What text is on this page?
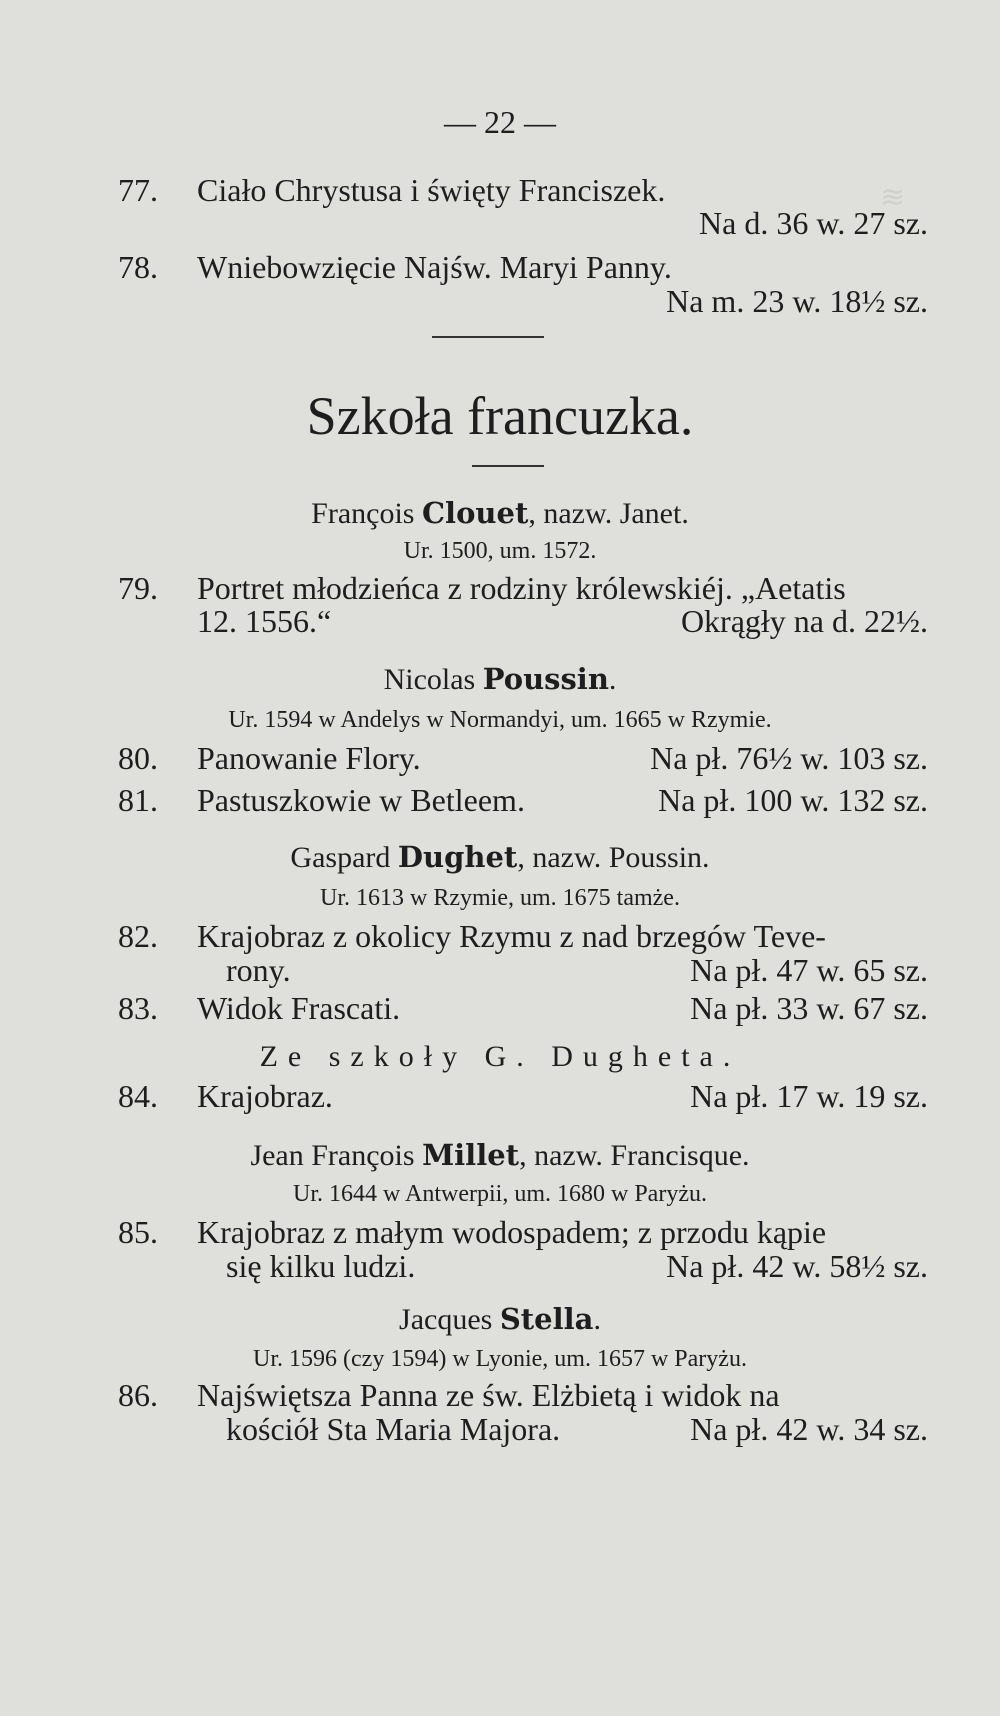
≋
— 22 —
77. Ciało Chrystusa i święty Franciszek.
Na d. 36 w. 27 sz.
78. Wniebowzięcie Najśw. Maryi Panny.
Na m. 23 w. 18½ sz.
Szkoła francuzka.
François Clouet, nazw. Janet.
Ur. 1500, um. 1572.
79. Portret młodzieńca z rodziny królewskiéj. „Aetatis
12. 1556.“	Okrągły na d. 22½.
Nicolas Poussin.
Ur. 1594 w Andelys w Normandyi, um. 1665 w Rzymie.
80. Panowanie Flory.	Na pł. 76½ w. 103 sz.
81. Pastuszkowie w Betleem.	Na pł. 100 w. 132 sz.
Gaspard Dughet, nazw. Poussin.
Ur. 1613 w Rzymie, um. 1675 tamże.
82. Krajobraz z okolicy Rzymu z nad brzegów Teve-
rony.	Na pł. 47 w. 65 sz.
83. Widok Frascati.	Na pł. 33 w. 67 sz.
Ze szkoły G. Dugheta.
84. Krajobraz.	Na pł. 17 w. 19 sz.
Jean François Millet, nazw. Francisque.
Ur. 1644 w Antwerpii, um. 1680 w Paryżu.
85. Krajobraz z małym wodospadem; z przodu kąpie
się kilku ludzi.	Na pł. 42 w. 58½ sz.
Jacques Stella.
Ur. 1596 (czy 1594) w Lyonie, um. 1657 w Paryżu.
86. Najświętsza Panna ze św. Elżbietą i widok na
kościół Sta Maria Majora.	Na pł. 42 w. 34 sz.
